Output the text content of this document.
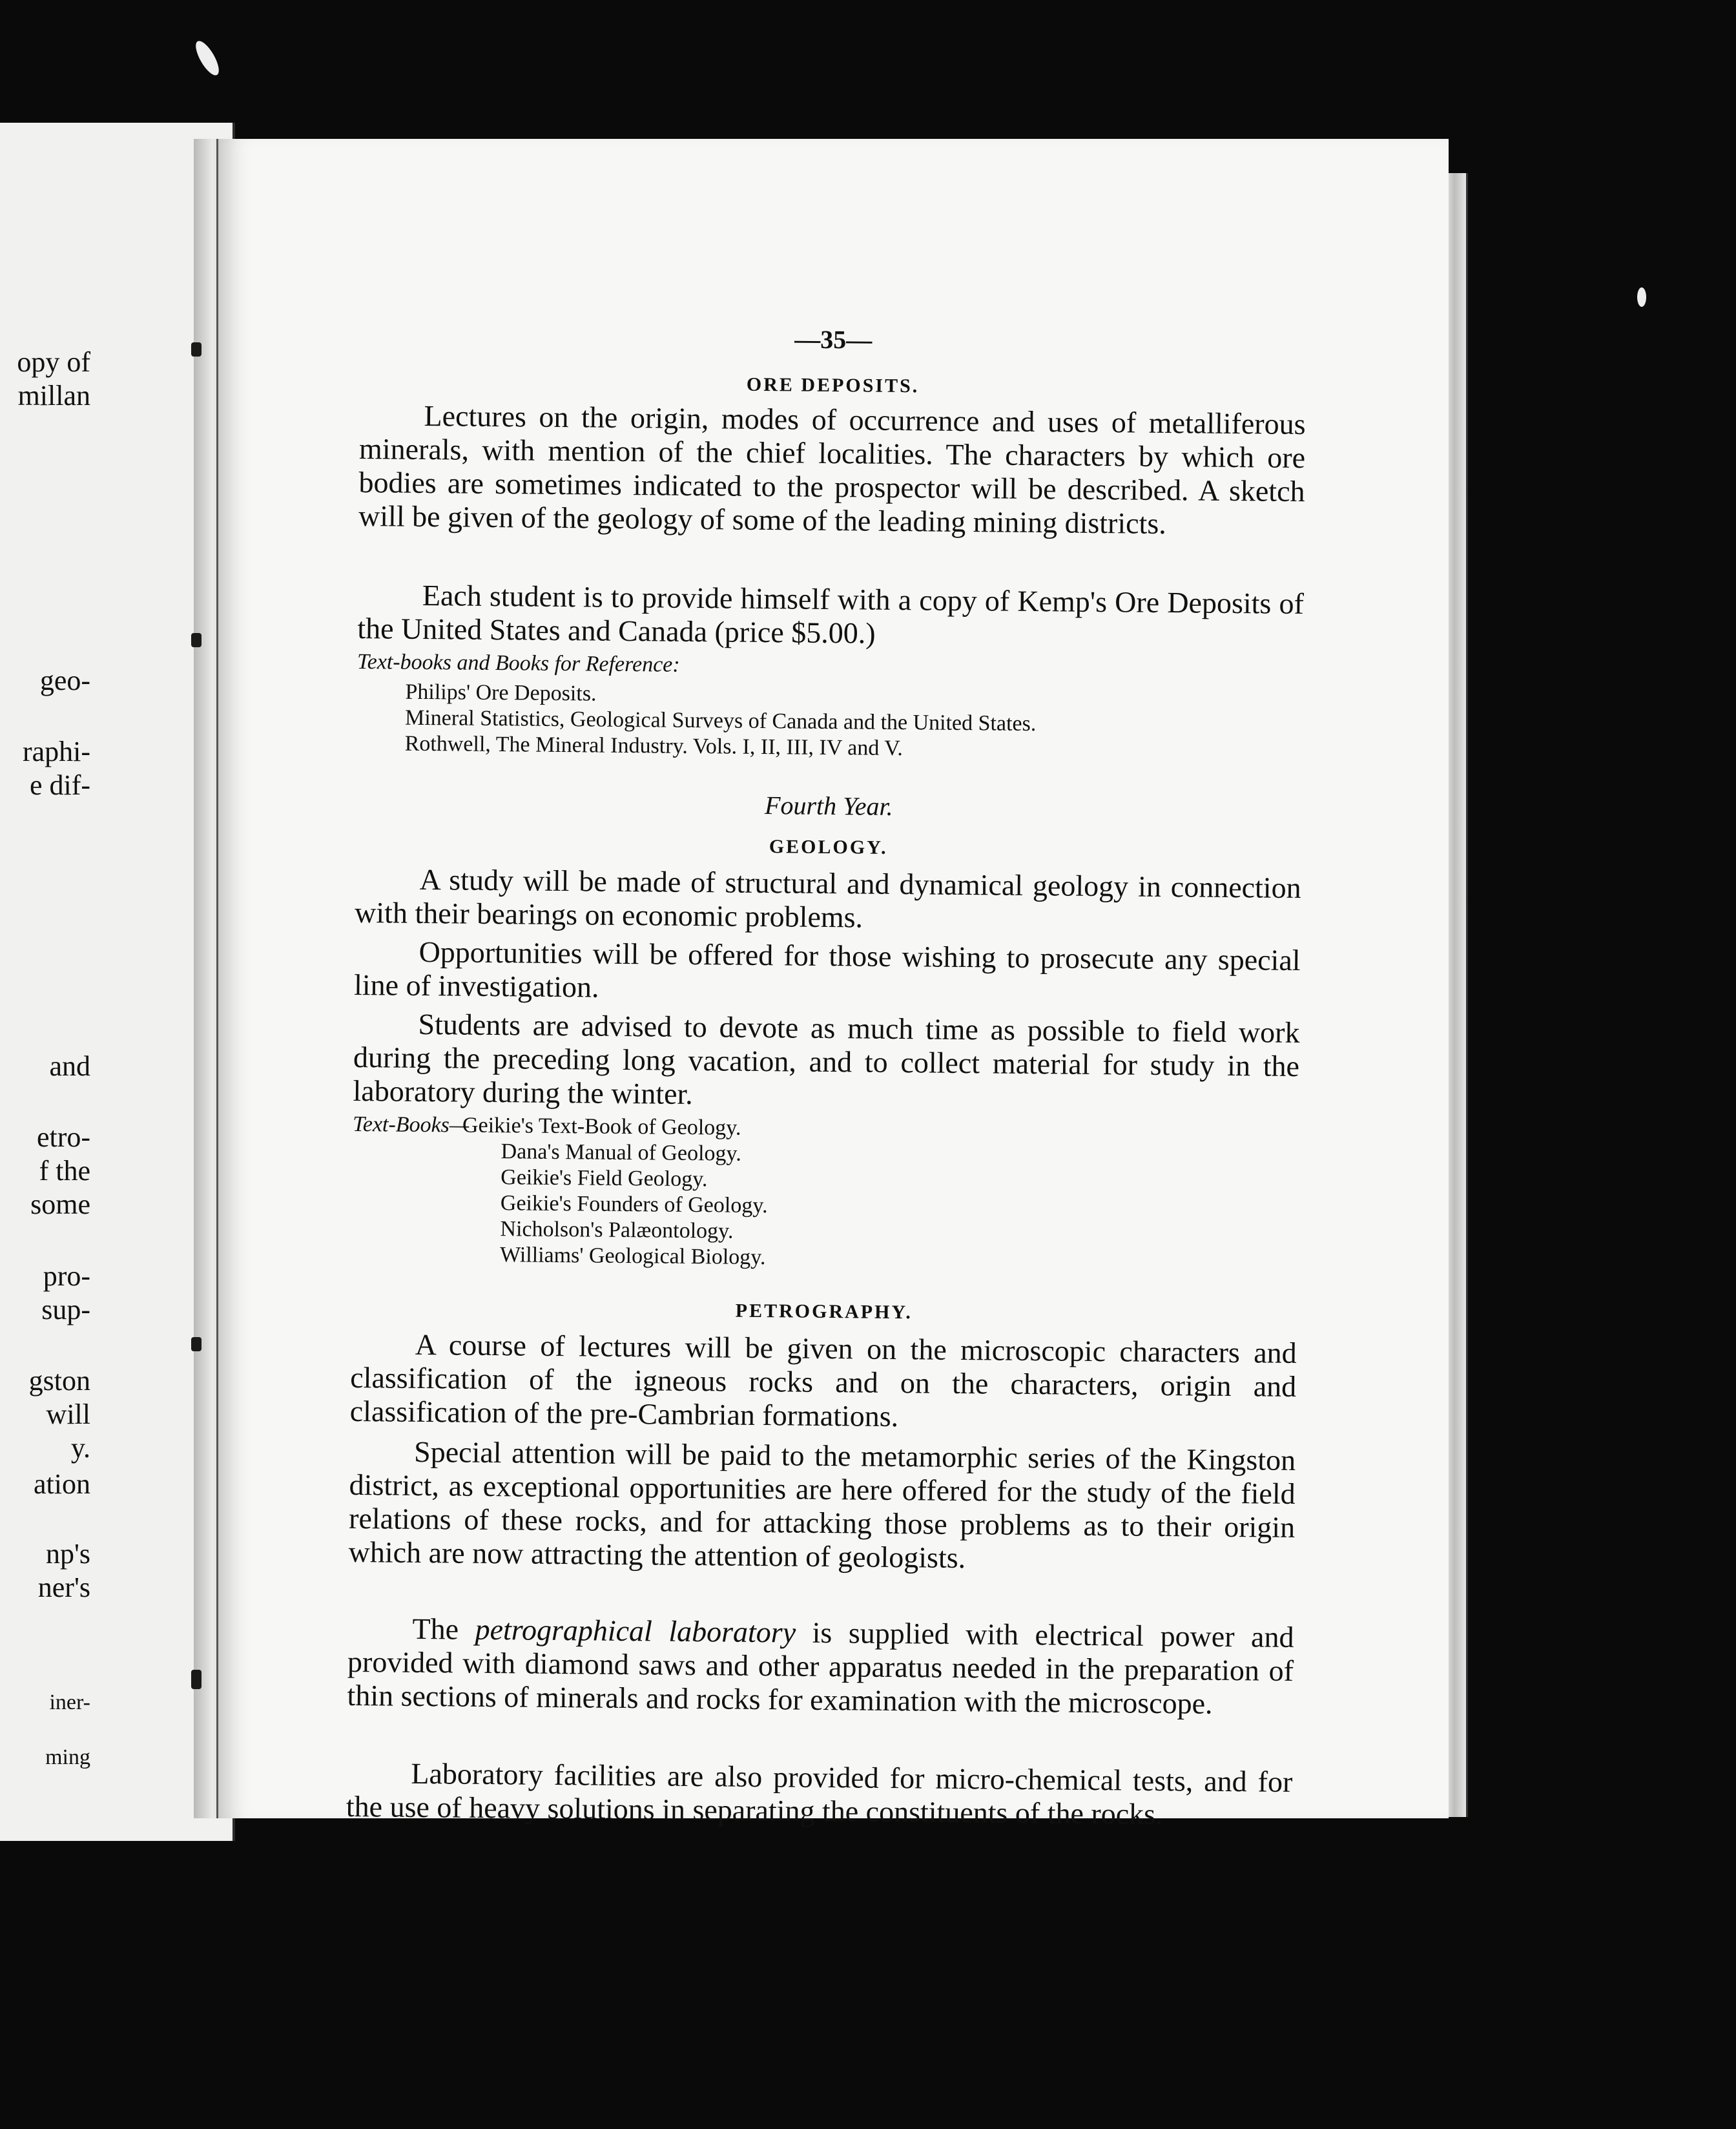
opy of
millan
geo-
raphi-
e dif-
and
etro-
f the
some
pro-
sup-
gston
will
y.
ation
np's
ner's
iner-
ming
—35—
ORE DEPOSITS.
Lectures on the origin, modes of occurrence and uses of metalliferous minerals, with mention of the chief localities. The characters by which ore bodies are sometimes indicated to the prospector will be described. A sketch will be given of the geology of some of the leading mining districts.
Each student is to provide himself with a copy of Kemp's Ore Deposits of the United States and Canada (price $5.00.)
Text-books and Books for Reference:
Philips' Ore Deposits.
Mineral Statistics, Geological Surveys of Canada and the United States.
Rothwell, The Mineral Industry. Vols. I, II, III, IV and V.
Fourth Year.
GEOLOGY.
A study will be made of structural and dynamical geology in connection with their bearings on economic problems.
Opportunities will be offered for those wishing to prosecute any special line of investigation.
Students are advised to devote as much time as possible to field work during the preceding long vacation, and to collect material for study in the laboratory during the winter.
Text-Books—
Geikie's Text-Book of Geology.
Dana's Manual of Geology.
Geikie's Field Geology.
Geikie's Founders of Geology.
Nicholson's Palæontology.
Williams' Geological Biology.
PETROGRAPHY.
A course of lectures will be given on the microscopic characters and classification of the igneous rocks and on the characters, origin and classification of the pre-Cambrian formations.
Special attention will be paid to the metamorphic series of the Kingston district, as exceptional opportunities are here offered for the study of the field relations of these rocks, and for attacking those problems as to their origin which are now attracting the attention of geologists.
The petrographical laboratory is supplied with electrical power and provided with diamond saws and other apparatus needed in the preparation of thin sections of minerals and rocks for examination with the microscope.
Laboratory facilities are also provided for micro-chemical tests, and for the use of heavy solutions in separating the constituents of the rocks.
